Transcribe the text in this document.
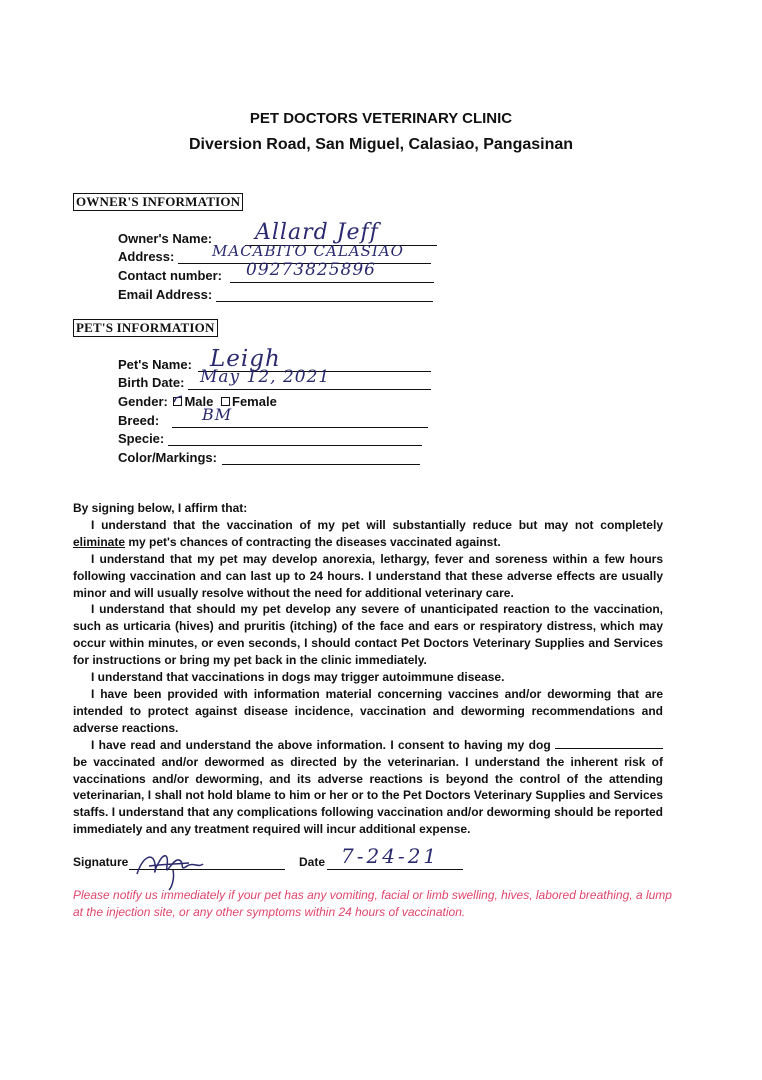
PET DOCTORS VETERINARY CLINIC
Diversion Road, San Miguel, Calasiao, Pangasinan
OWNER'S INFORMATION
Owner's Name: Allard Jeff
Address:	MACABITO CALASIAO
Contact number: 09273825896
Email Address:
PET'S INFORMATION
Pet's Name: Leigh
Birth Date: May 12, 2021
Gender: Male Female
Breed:	BM
Specie:
Color/Markings:

By signing below, I affirm that:

I understand that the vaccination of my pet will substantially reduce but may not completely eliminate my pet's chances of contracting the diseases vaccinated against.

I understand that my pet may develop anorexia, lethargy, fever and soreness within a few hours following vaccination and can last up to 24 hours. I understand that these adverse effects are usually minor and will usually resolve without the need for additional veterinary care.

I understand that should my pet develop any severe of unanticipated reaction to the vaccination, such as urticaria (hives) and pruritis (itching) of the face and ears or respiratory distress, which may occur within minutes, or even seconds, I should contact Pet Doctors Veterinary Supplies and Services for instructions or bring my pet back in the clinic immediately.

I understand that vaccinations in dogs may trigger autoimmune disease.

I have been provided with information material concerning vaccines and/or deworming that are intended to protect against disease incidence, vaccination and deworming recommendations and adverse reactions.

I have read and understand the above information. I consent to having my dog  be vaccinated and/or dewormed as directed by the veterinarian. I understand the inherent risk of vaccinations and/or deworming, and its adverse reactions is beyond the control of the attending veterinarian, I shall not hold blame to him or her or to the Pet Doctors Veterinary Supplies and Services staffs. I understand that any complications following vaccination and/or deworming should be reported immediately and any treatment required will incur additional expense.

Signature	Date 7-24-21
Please notify us immediately if your pet has any vomiting, facial or limb swelling, hives, labored breathing, a lump at the injection site, or any other symptoms within 24 hours of vaccination.
